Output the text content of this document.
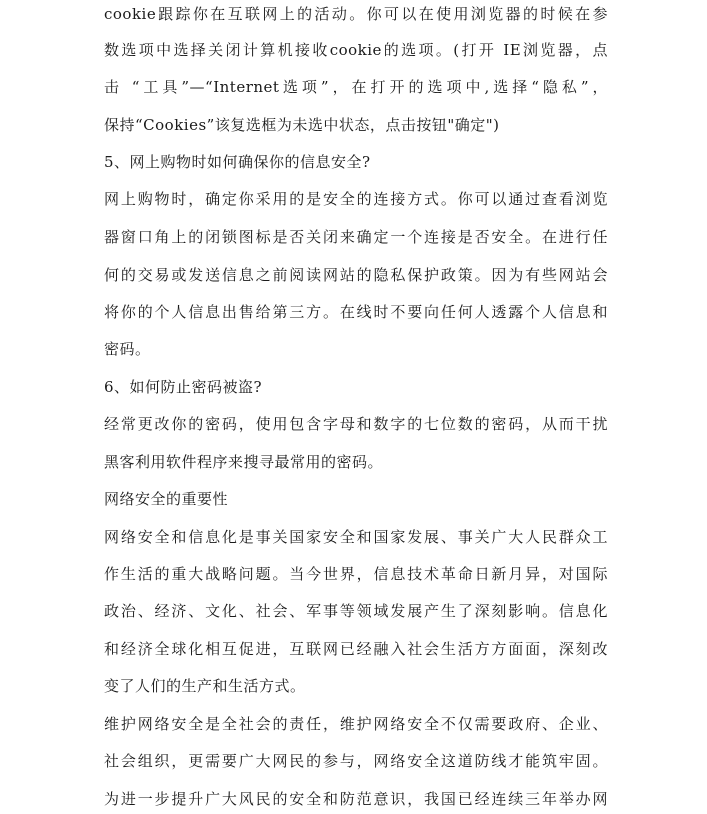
cookie跟踪你在互联网上的活动。你可以在使用浏览器的时候在参
数选项中选择关闭计算机接收cookie的选项。(打开 IE浏览器，点
击 “工具”—“Internet选项”，在打开的选项中,选择“隐私”，
保持“Cookies”该复选框为未选中状态，点击按钮"确定")
5、网上购物时如何确保你的信息安全?
网上购物时，确定你采用的是安全的连接方式。你可以通过查看浏览
器窗口角上的闭锁图标是否关闭来确定一个连接是否安全。在进行任
何的交易或发送信息之前阅读网站的隐私保护政策。因为有些网站会
将你的个人信息出售给第三方。在线时不要向任何人透露个人信息和
密码。
6、如何防止密码被盗?
经常更改你的密码，使用包含字母和数字的七位数的密码，从而干扰
黑客利用软件程序来搜寻最常用的密码。
网络安全的重要性
网络安全和信息化是事关国家安全和国家发展、事关广大人民群众工
作生活的重大战略问题。当今世界，信息技术革命日新月异，对国际
政治、经济、文化、社会、军事等领域发展产生了深刻影响。信息化
和经济全球化相互促进，互联网已经融入社会生活方方面面，深刻改
变了人们的生产和生活方式。
维护网络安全是全社会的责任，维护网络安全不仅需要政府、企业、
社会组织，更需要广大网民的参与，网络安全这道防线才能筑牢固。
为进一步提升广大风民的安全和防范意识，我国已经连续三年举办网
